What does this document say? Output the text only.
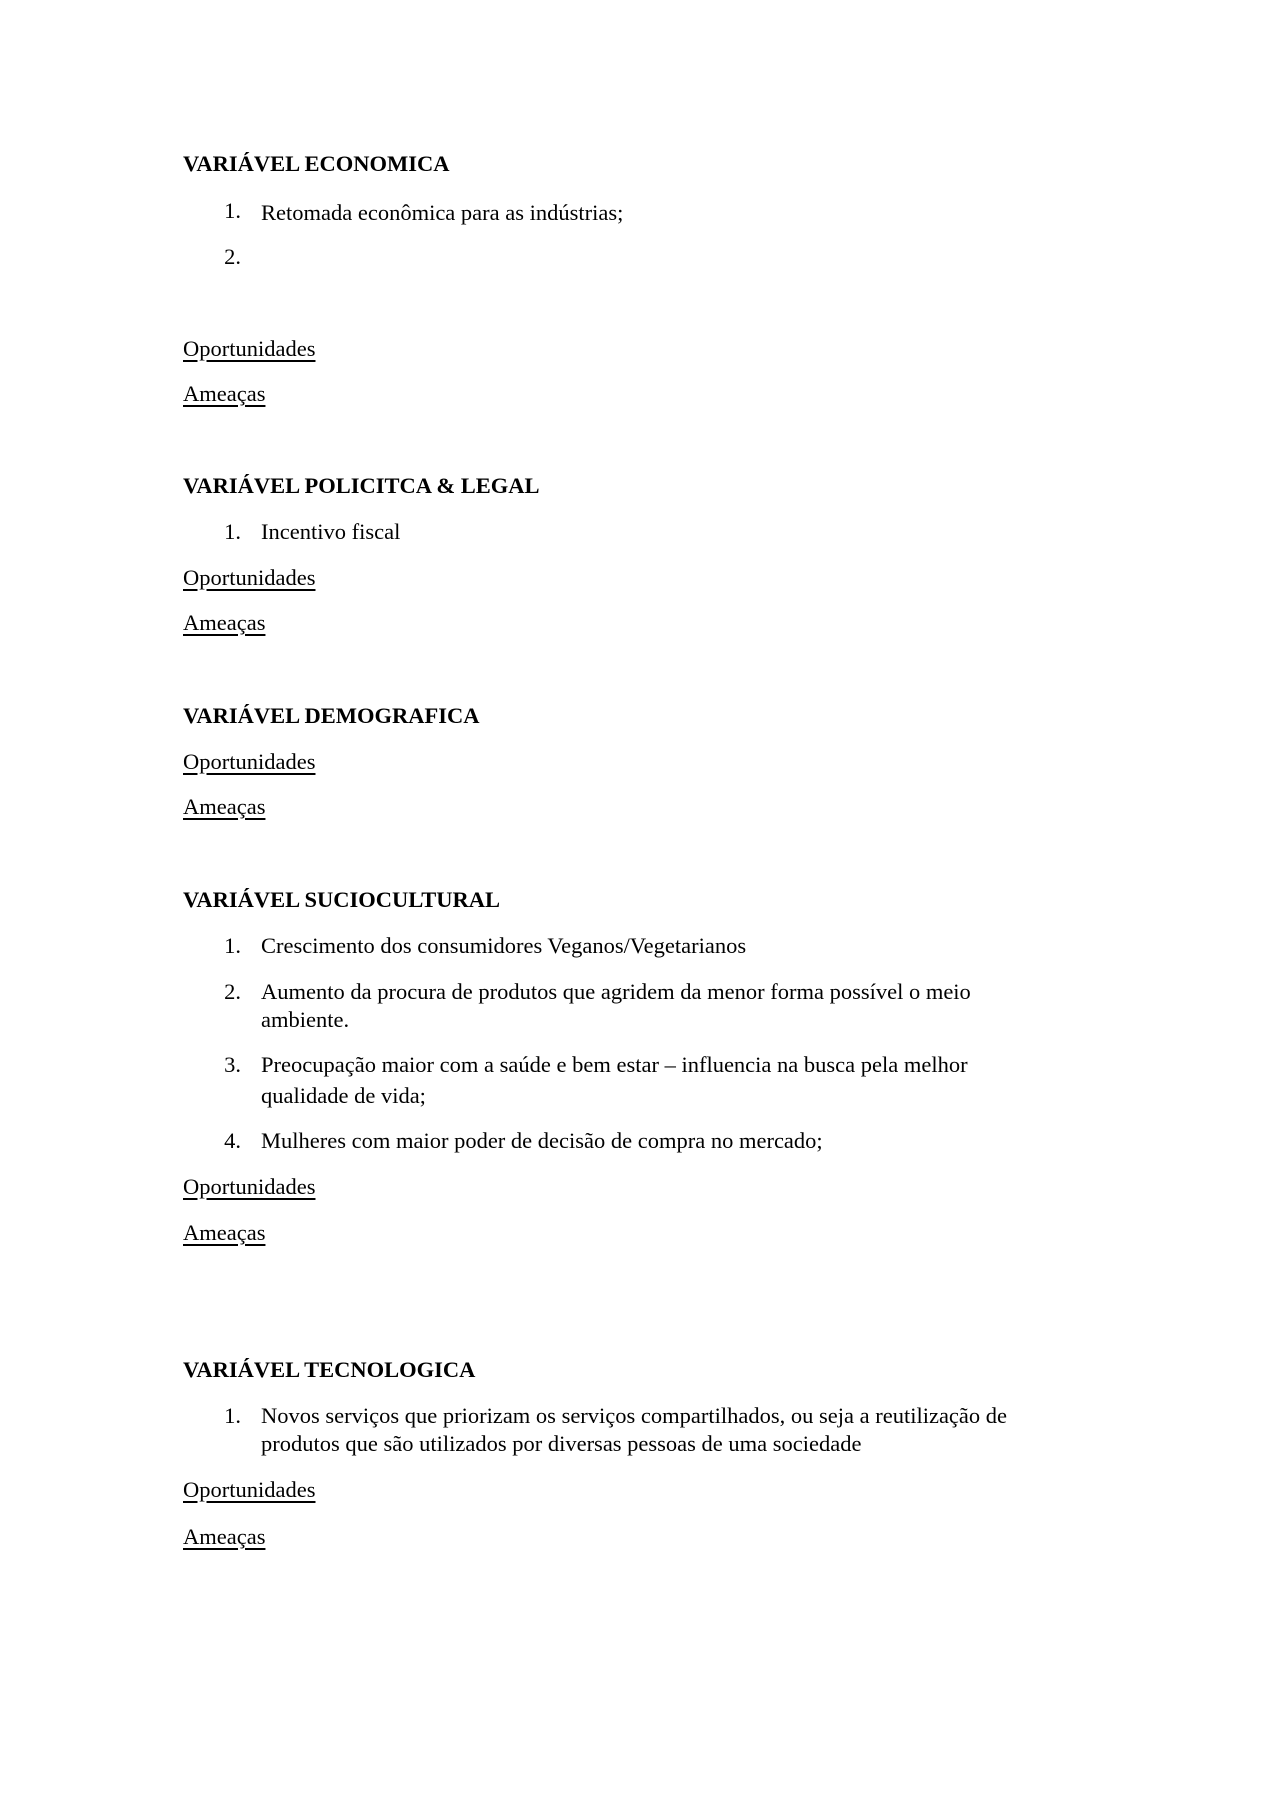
VARIÁVEL ECONOMICA
1. Retomada econômica para as indústrias;
2.
Oportunidades
Ameaças
VARIÁVEL POLICITCA & LEGAL
1. Incentivo fiscal
Oportunidades
Ameaças
VARIÁVEL DEMOGRAFICA
Oportunidades
Ameaças
VARIÁVEL SUCIOCULTURAL
1. Crescimento dos consumidores Veganos/Vegetarianos
2. Aumento da procura de produtos que agridem da menor forma possível o meio
ambiente.
3. Preocupação maior com a saúde e bem estar – influencia na busca pela melhor
qualidade de vida;
4. Mulheres com maior poder de decisão de compra no mercado;
Oportunidades
Ameaças
VARIÁVEL TECNOLOGICA
1. Novos serviços que priorizam os serviços compartilhados, ou seja a reutilização de
produtos que são utilizados por diversas pessoas de uma sociedade
Oportunidades
Ameaças
